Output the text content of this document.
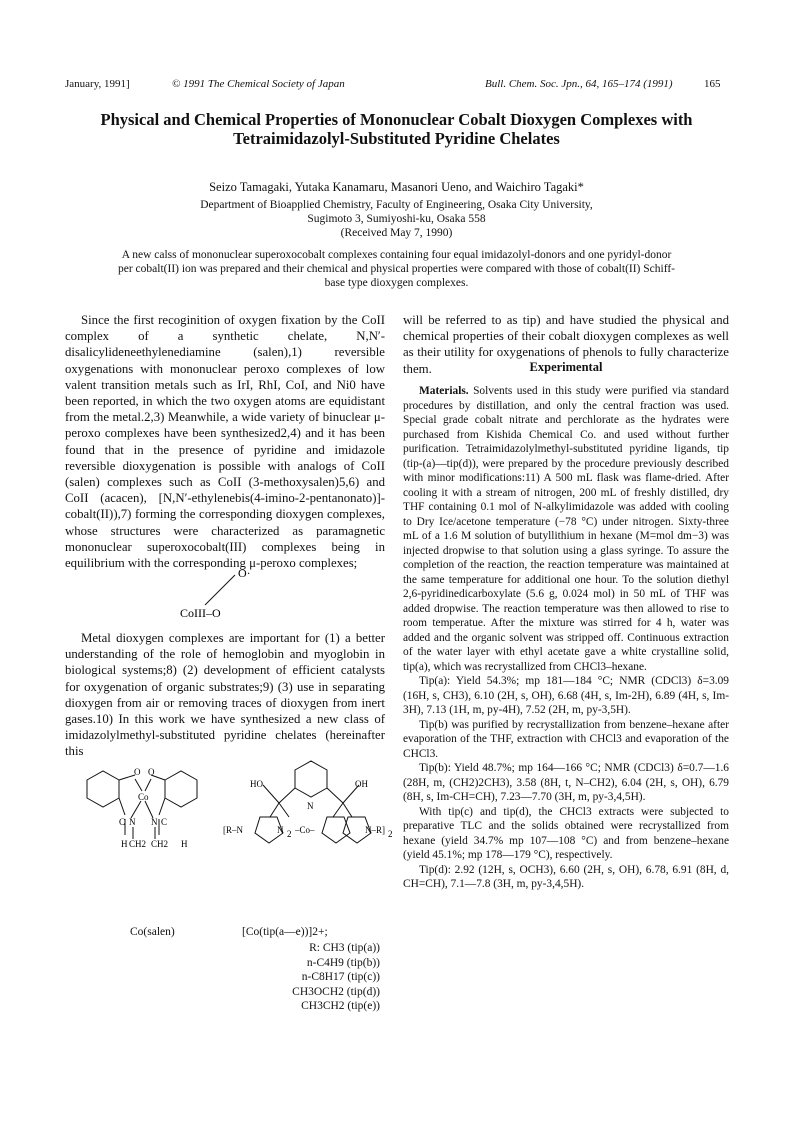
January, 1991]	© 1991 The Chemical Society of Japan	Bull. Chem. Soc. Jpn., 64, 165–174 (1991)	165
Physical and Chemical Properties of Mononuclear Cobalt Dioxygen Complexes with Tetraimidazolyl-Substituted Pyridine Chelates
Seizo Tamagaki, Yutaka Kanamaru, Masanori Ueno, and Waichiro Tagaki*
Department of Bioapplied Chemistry, Faculty of Engineering, Osaka City University,
Sugimoto 3, Sumiyoshi-ku, Osaka 558
(Received May 7, 1990)
A new calss of mononuclear superoxocobalt complexes containing four equal imidazolyl-donors and one pyridyl-donor per cobalt(II) ion was prepared and their chemical and physical properties were compared with those of cobalt(II) Schiff-base type dioxygen complexes.

Since the first recoginition of oxygen fixation by the CoII complex of a synthetic chelate, N,N′-disalicylideneethylenediamine (salen),1) reversible oxygenations with mononuclear peroxo complexes of low valent transition metals such as IrI, RhI, CoI, and Ni0 have been reported, in which the two oxygen atoms are equidistant from the metal.2,3) Meanwhile, a wide variety of binuclear μ-peroxo complexes have been synthesized2,4) and it has been found that in the presence of pyridine and imidazole reversible dioxygenation is possible with analogs of CoII (salen) complexes such as CoII (3-methoxysalen)5,6) and CoII (acacen), [N,N′-ethylenebis(4-imino-2-pentanonato)]-cobalt(II)),7) forming the corresponding dioxygen complexes, whose structures were characterized as paramagnetic mononuclear superoxocobalt(III) complexes being in equilibrium with the corresponding μ-peroxo complexes;

O·
CoIII–O

Metal dioxygen complexes are important for (1) a better understanding of the role of hemoglobin and myoglobin in biological systems;8) (2) development of efficient catalysts for oxygenation of organic substrates;9) (3) use in separating dioxygen from air or removing traces of dioxygen from inert gases.10) In this work we have synthesized a new class of imidazolylmethyl-substituted pyridine chelates (hereinafter this

will be referred to as tip) and have studied the physical and chemical properties of their cobalt dioxygen complexes as well as their utility for oxygenations of phenols to fully characterize them.	Experimental

Materials. Solvents used in this study were purified via standard procedures by distillation, and only the central fraction was used. Special grade cobalt nitrate and perchlorate as the hydrates were purchased from Kishida Chemical Co. and used without further purification. Tetraimidazolylmethyl-substituted pyridine ligands, tip (tip-(a)—tip(d)), were prepared by the procedure previously described with minor modifications:11) A 500 mL flask was flame-dried. After cooling it with a stream of nitrogen, 200 mL of freshly distilled, dry THF containing 0.1 mol of N-alkylimidazole was added with cooling to Dry Ice/acetone temperature (−78 °C) under nitrogen. Sixty-three mL of a 1.6 M solution of butyllithium in hexane (M=mol dm−3) was injected dropwise to that solution using a glass syringe. To assure the completion of the reaction, the reaction temperature was maintained at the same temperature for additional one hour. To the solution diethyl 2,6-pyridinedicarboxylate (5.6 g, 0.024 mol) in 50 mL of THF was added dropwise. The reaction temperature was then allowed to rise to room temperatue. After the mixture was stirred for 4 h, water was added and the organic solvent was stripped off. Continuous extraction of the water layer with ethyl acetate gave a white crystalline solid, tip(a), which was recrystallized from CHCl3–hexane.

Tip(a): Yield 54.3%; mp 181—184 °C; NMR (CDCl3) δ=3.09 (16H, s, CH3), 6.10 (2H, s, OH), 6.68 (4H, s, Im-2H), 6.89 (4H, s, Im-3H), 7.13 (1H, m, py-4H), 7.52 (2H, m, py-3,5H).

Tip(b) was purified by recrystallization from benzene–hexane after evaporation of the THF, extraction with CHCl3 and evaporation of the CHCl3.

Tip(b): Yield 48.7%; mp 164—166 °C; NMR (CDCl3) δ=0.7—1.6 (28H, m, (CH2)2CH3), 3.58 (8H, t, N–CH2), 6.04 (2H, s, OH), 6.79 (8H, s, Im-CH=CH), 7.23—7.70 (3H, m, py-3,4,5H).

With tip(c) and tip(d), the CHCl3 extracts were subjected to preparative TLC and the solids obtained were recrystallized from hexane (yield 34.7% mp 107—108 °C) and from benzene–hexane (yield 45.1%; mp 178—179 °C), respectively.

Tip(d): 2.92 (12H, s, OCH3), 6.60 (2H, s, OH), 6.78, 6.91 (8H, d, CH=CH), 7.1—7.8 (3H, m, py-3,4,5H).

O O
Co
C N N C
H CH2 CH2 H
HO	OH
N
[R–N	N 2 –Co–	N–R] 2
Co(salen)	[Co(tip(a—e))]2+;
R: CH3 (tip(a))
n-C4H9 (tip(b))
n-C8H17 (tip(c))
CH3OCH2 (tip(d))
CH3CH2 (tip(e))
